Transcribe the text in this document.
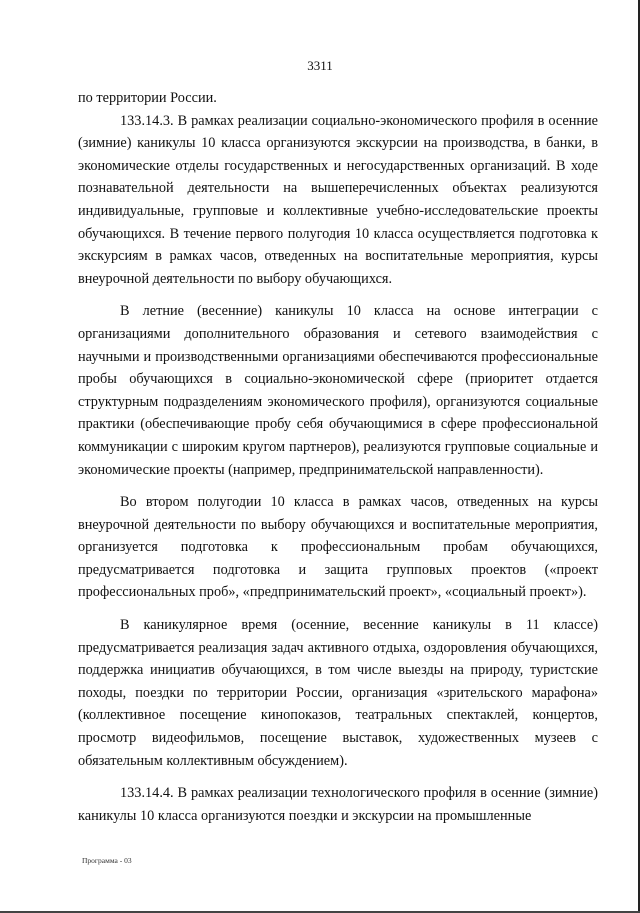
3311

по территории России.

133.14.3. В рамках реализации социально-экономического профиля в осенние (зимние) каникулы 10 класса организуются экскурсии на производства, в банки, в экономические отделы государственных и негосударственных организаций. В ходе познавательной деятельности на вышеперечисленных объектах реализуются индивидуальные, групповые и коллективные учебно-исследовательские проекты обучающихся. В течение первого полугодия 10 класса осуществляется подготовка к экскурсиям в рамках часов, отведенных на воспитательные мероприятия, курсы внеурочной деятельности по выбору обучающихся.

В летние (весенние) каникулы 10 класса на основе интеграции с организациями дополнительного образования и сетевого взаимодействия с научными и производственными организациями обеспечиваются профессиональные пробы обучающихся в социально-экономической сфере (приоритет отдается структурным подразделениям экономического профиля), организуются социальные практики (обеспечивающие пробу себя обучающимися в сфере профессиональной коммуникации с широким кругом партнеров), реализуются групповые социальные и экономические проекты (например, предпринимательской направленности).

Во втором полугодии 10 класса в рамках часов, отведенных на курсы внеурочной деятельности по выбору обучающихся и воспитательные мероприятия, организуется подготовка к профессиональным пробам обучающихся, предусматривается подготовка и защита групповых проектов («проект профессиональных проб», «предпринимательский проект», «социальный проект»).

В каникулярное время (осенние, весенние каникулы в 11 классе) предусматривается реализация задач активного отдыха, оздоровления обучающихся, поддержка инициатив обучающихся, в том числе выезды на природу, туристские походы, поездки по территории России, организация «зрительского марафона» (коллективное посещение кинопоказов, театральных спектаклей, концертов, просмотр видеофильмов, посещение выставок, художественных музеев с обязательным коллективным обсуждением).

133.14.4. В рамках реализации технологического профиля в осенние (зимние) каникулы 10 класса организуются поездки и экскурсии на промышленные

Программа - 03
